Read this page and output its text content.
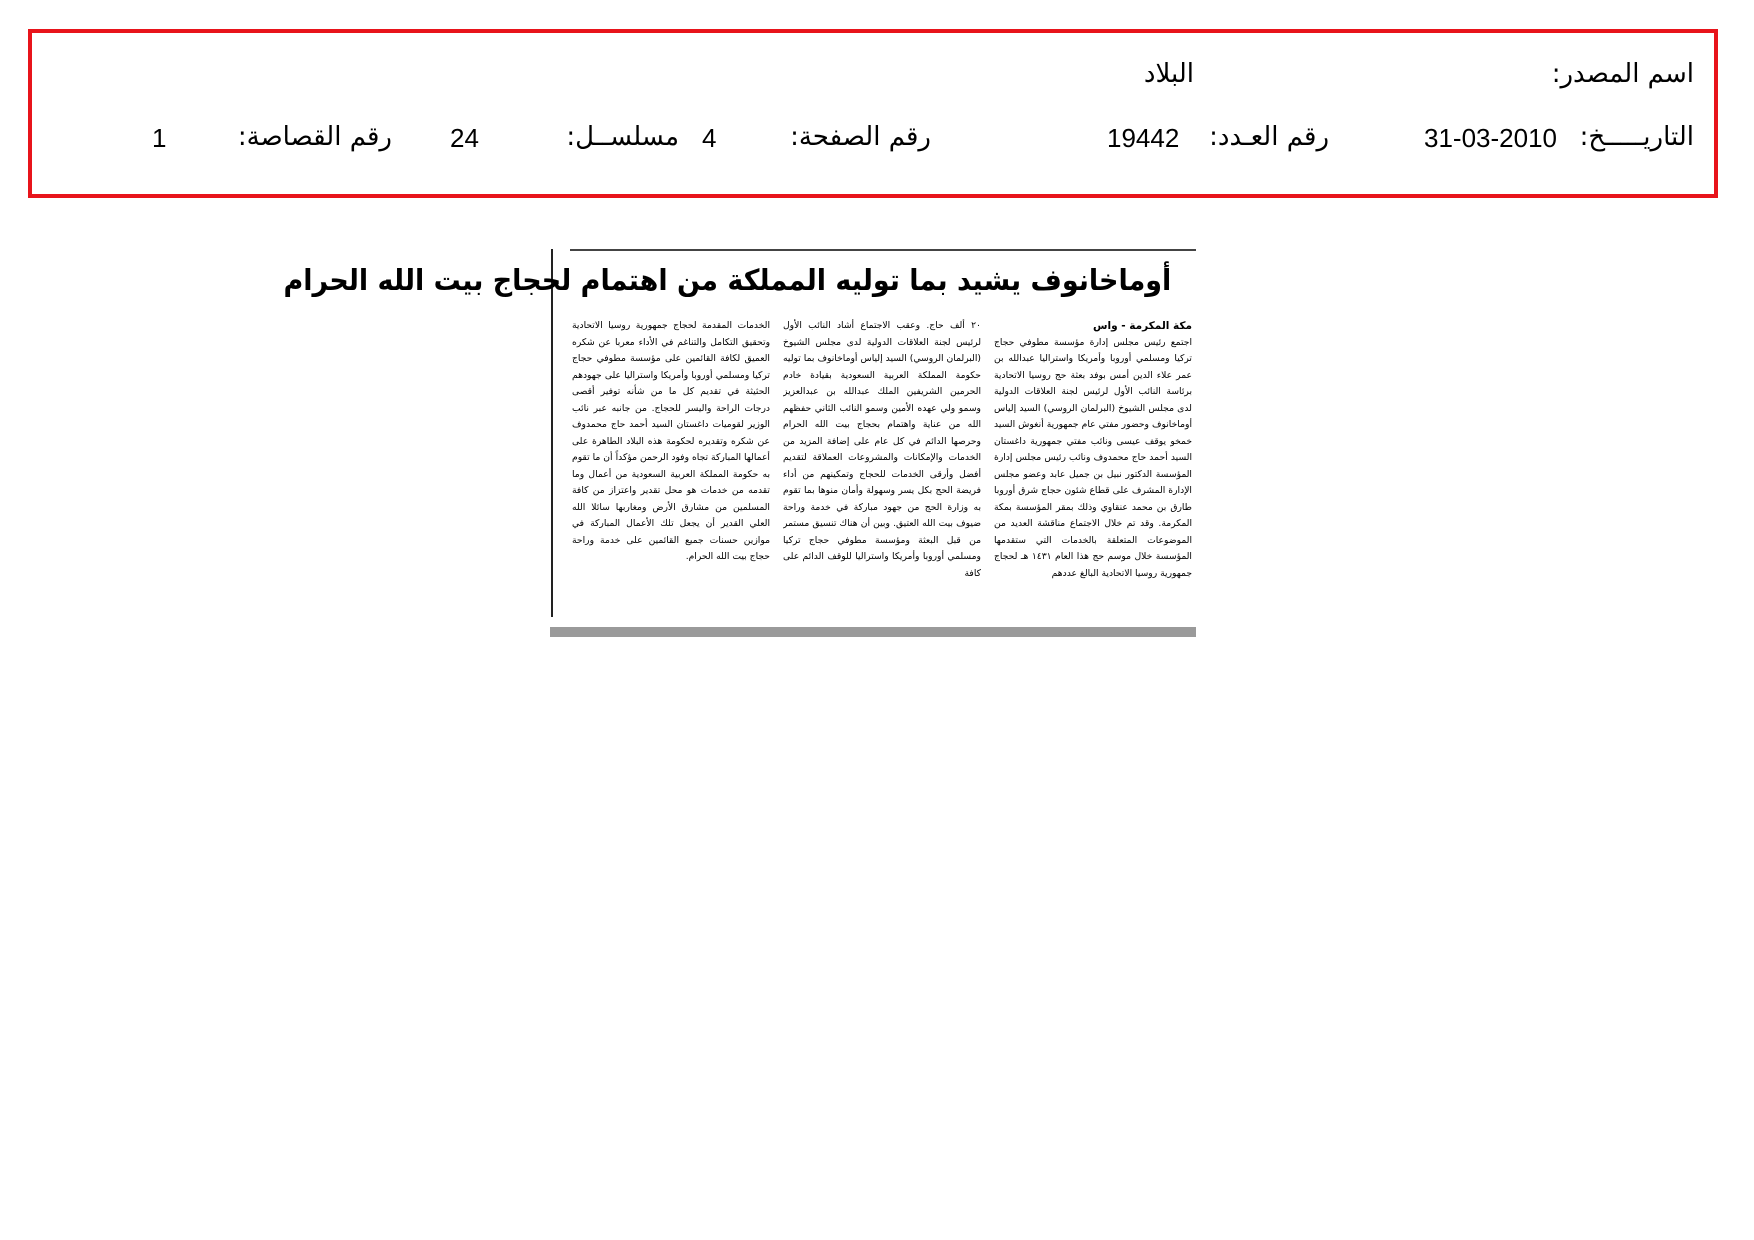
اسم المصدر:
البلاد
التاريـــــخ:
31-03-2010
رقم العـدد:
19442
رقم الصفحة:
4
مسلســل:
24
رقم القصاصة:
1
أوماخانوف يشيد بما توليه المملكة من اهتمام لحجاج بيت الله الحرام

مكة المكرمة - واس

اجتمع رئيس مجلس إدارة مؤسسة مطوفي حجاج تركيا ومسلمي أوروبا وأمريكا واستراليا عبدالله بن عمر علاء الدين أمس بوفد بعثة حج روسيا الاتحادية برئاسة النائب الأول لرئيس لجنة العلاقات الدولية لدى مجلس الشيوخ (البرلمان الروسي) السيد إلياس أوماخانوف وحضور مفتي عام جمهورية أنغوش السيد خمخو يوقف عيسى ونائب مفتي جمهورية داغستان السيد أحمد حاج محمدوف ونائب رئيس مجلس إدارة المؤسسة الدكتور نبيل بن جميل عابد وعضو مجلس الإدارة المشرف على قطاع شئون حجاج شرق أوروبا طارق بن محمد عنقاوي وذلك بمقر المؤسسة بمكة المكرمة. وقد تم خلال الاجتماع مناقشة العديد من الموضوعات المتعلقة بالخدمات التي ستقدمها المؤسسة خلال موسم حج هذا العام ١٤٣١ هـ لحجاج جمهورية روسيا الاتحادية البالغ عددهم

٢٠ ألف حاج. وعقب الاجتماع أشاد النائب الأول لرئيس لجنة العلاقات الدولية لدى مجلس الشيوخ (البرلمان الروسي) السيد إلياس أوماخانوف بما توليه حكومة المملكة العربية السعودية بقيادة خادم الحرمين الشريفين الملك عبدالله بن عبدالعزيز وسمو ولي عهده الأمين وسمو النائب الثاني حفظهم الله من عناية واهتمام بحجاج بيت الله الحرام وحرصها الدائم في كل عام على إضافة المزيد من الخدمات والإمكانات والمشروعات العملاقة لتقديم أفضل وأرقى الخدمات للحجاج وتمكينهم من أداء فريضة الحج بكل يسر وسهولة وأمان منوها بما تقوم به وزارة الحج من جهود مباركة في خدمة وراحة ضيوف بيت الله العتيق. وبين أن هناك تنسيق مستمر من قبل البعثة ومؤسسة مطوفي حجاج تركيا ومسلمي أوروبا وأمريكا واستراليا للوقف الدائم على كافة

الخدمات المقدمة لحجاج جمهورية روسيا الاتحادية وتحقيق التكامل والتناغم في الأداء معربا عن شكره العميق لكافة القائمين على مؤسسة مطوفي حجاج تركيا ومسلمي أوروبا وأمريكا واستراليا على جهودهم الحثيثة في تقديم كل ما من شأنه توفير أقصى درجات الراحة واليسر للحجاج. من جانبه عبر نائب الوزير لقوميات داغستان السيد أحمد حاج محمدوف عن شكره وتقديره لحكومة هذه البلاد الطاهرة على أعمالها المباركة تجاه وفود الرحمن مؤكداً أن ما تقوم به حكومة المملكة العربية السعودية من أعمال وما تقدمه من خدمات هو محل تقدير واعتزاز من كافة المسلمين من مشارق الأرض ومغاربها سائلا الله العلي القدير أن يجعل تلك الأعمال المباركة في موازين حسنات جميع القائمين على خدمة وراحة حجاج بيت الله الحرام.
